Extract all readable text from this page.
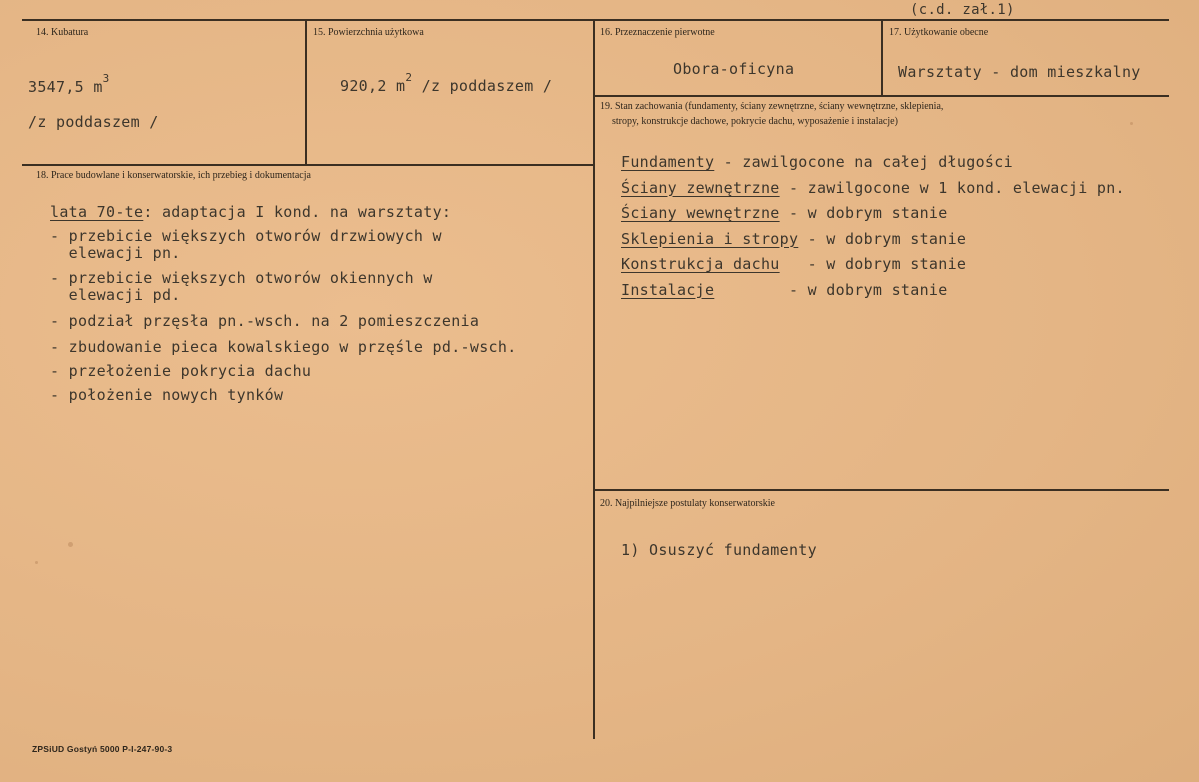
(c.d. zał.1)
14. Kubatura
3547,5 $m^3$
/z poddaszem /
15. Powierzchnia użytkowa
920,2 $m^2$ /z poddaszem /
16. Przeznaczenie pierwotne
Obora-oficyna
17. Użytkowanie obecne
Warsztaty - dom mieszkalny
19. Stan zachowania (fundamenty, ściany zewnętrzne, ściany wewnętrzne, sklepienia,
stropy, konstrukcje dachowe, pokrycie dachu, wyposażenie i instalacje)
Fundamenty - zawilgocone na całej długości
Ściany zewnętrzne - zawilgocone w 1 kond. elewacji pn.
Ściany wewnętrzne - w dobrym stanie
Sklepienia i stropy - w dobrym stanie
Konstrukcja dachu   - w dobrym stanie
Instalacje        - w dobrym stanie
18. Prace budowlane i konserwatorskie, ich przebieg i dokumentacja
lata 70-te: adaptacja I kond. na warsztaty:
- przebicie większych otworów drzwiowych w
elewacji pn.
- przebicie większych otworów okiennych w
elewacji pd.
- podział przęsła pn.-wsch. na 2 pomieszczenia
- zbudowanie pieca kowalskiego w przęśle pd.-wsch.
- przełożenie pokrycia dachu
- położenie nowych tynków
20. Najpilniejsze postulaty konserwatorskie
1) Osuszyć fundamenty
ZPSiUD Gostyń 5000 P-I-247-90-3
